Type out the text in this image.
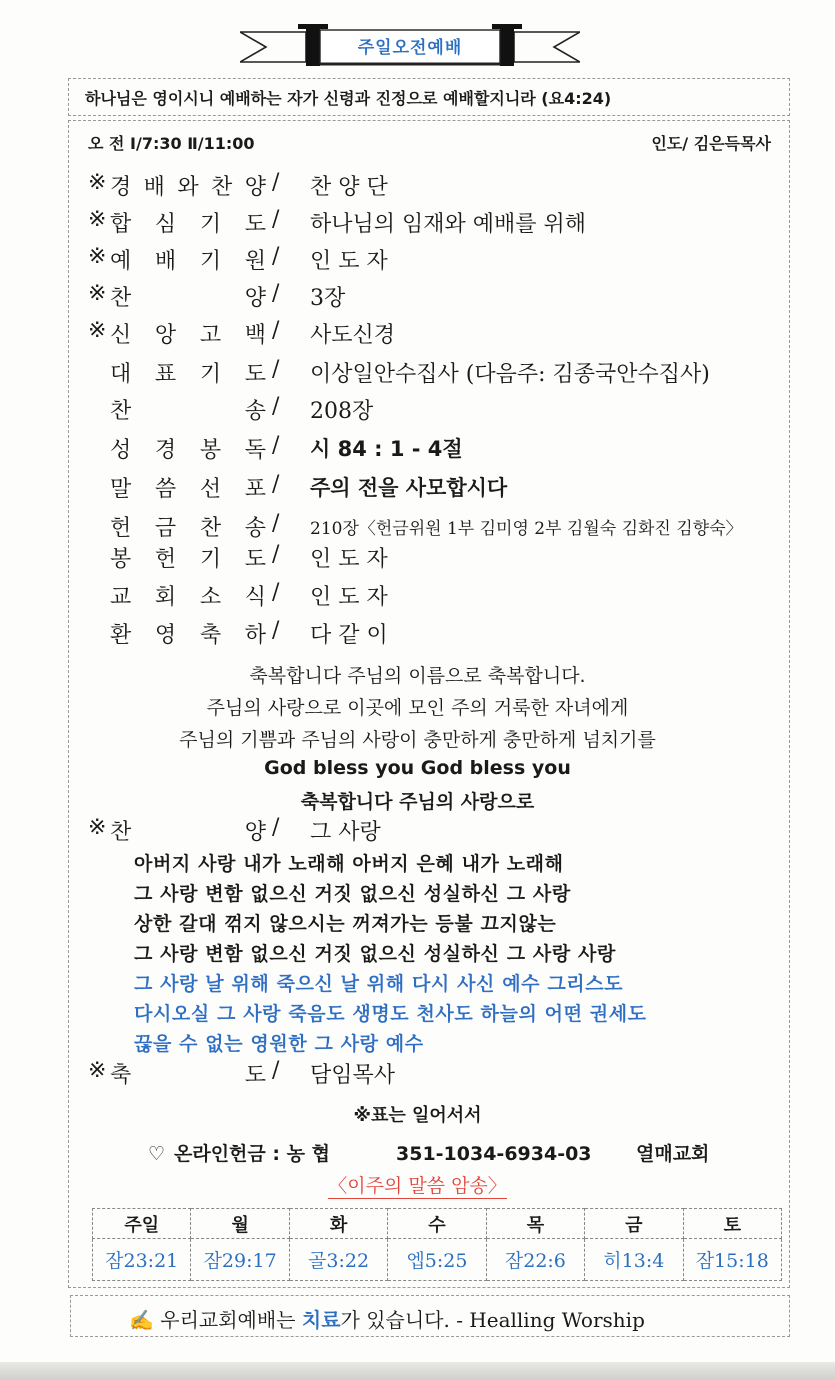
주일오전예배
하나님은 영이시니 예배하는 자가 신령과 진정으로 예배할지니라 (요4:24)
오 전 Ⅰ/7:30 Ⅱ/11:00	인도/ 김은득목사
※ 경 배 와 찬 양 / 찬 양 단
※ 합 심 기 도 / 하나님의 임재와 예배를 위해
※ 예 배 기 원 / 인 도 자
※ 찬	양 / 3장
※ 신 앙 고 백 / 사도신경
대 표 기 도 / 이상일안수집사 (다음주: 김종국안수집사)
찬	송 / 208장
성 경 봉 독 / 시 84 : 1 - 4절
말 씀 선 포 / 주의 전을 사모합시다
헌 금 찬 송 / 210장〈헌금위원 1부 김미영 2부 김월숙 김화진 김향숙〉
봉 헌 기 도 / 인 도 자
교 회 소 식 / 인 도 자
환 영 축 하 / 다 같 이
축복합니다 주님의 이름으로 축복합니다.
주님의 사랑으로 이곳에 모인 주의 거룩한 자녀에게
주님의 기쁨과 주님의 사랑이 충만하게 충만하게 넘치기를
God bless you God bless you
축복합니다 주님의 사랑으로
※ 찬	양 / 그 사랑
아버지 사랑 내가 노래해 아버지 은혜 내가 노래해
그 사랑 변함 없으신 거짓 없으신 성실하신 그 사랑
상한 갈대 꺾지 않으시는 꺼져가는 등불 끄지않는
그 사랑 변함 없으신 거짓 없으신 성실하신 그 사랑 사랑
그 사랑 날 위해 죽으신 날 위해 다시 사신 예수 그리스도
다시오실 그 사랑 죽음도 생명도 천사도 하늘의 어떤 권세도
끊을 수 없는 영원한 그 사랑 예수
※ 축	도 / 담임목사
※표는 일어서서
♡ 온라인헌금 : 농 협	351-1034-6934-03 열매교회
〈이주의 말씀 암송〉
주일	월	화	수	목	금	토
잠23:21	잠29:17	골3:22	엡5:25	잠22:6	히13:4	잠15:18
✍ 우리교회예배는 치료가 있습니다. - Healling Worship
